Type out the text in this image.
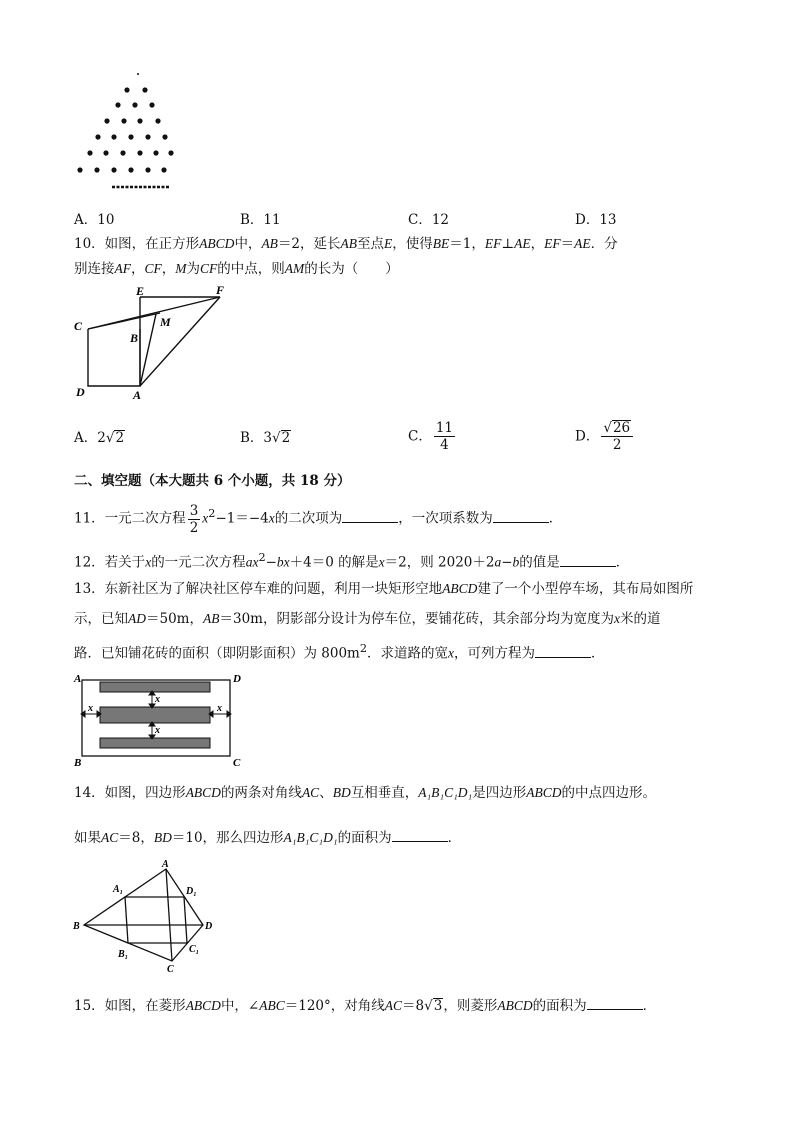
A．10	B．11	C．12	D．13
10．如图，在正方形ABCD中，AB＝2，延长AB至点E，使得BE＝1，EF⊥AE，EF＝AE．分
别连接AF，CF，M为CF的中点，则AM的长为（　　）
E	F
C	M
B
D	A
A．2√2	B．3√2	C． $\frac{11}{4}$	D． $\frac{√26}{2}$
二、填空题（本大题共 6 个小题，共 18 分）
11．一元二次方程 $\frac{3}{2} x^2-1=-4x$的二次项为	，一次项系数为	．
12．若关于x的一元二次方程$ax^2-bx+4=0$ 的解是x＝2，则 2020＋2a−b的值是	．
13．东新社区为了解决社区停车难的问题，利用一块矩形空地ABCD建了一个小型停车场，其布局如图所
示，已知AD＝50m，AB＝30m，阴影部分设计为停车位，要铺花砖，其余部分均为宽度为x米的道
路．已知铺花砖的面积（即阴影面积）为 $800m^2$．求道路的宽x，可列方程为	．
A	D
B	C
x
x
x	x
14．如图，四边形ABCD的两条对角线AC、BD互相垂直，A₁B₁C₁D₁是四边形ABCD的中点四边形。
如果AC＝8，BD＝10，那么四边形A₁B₁C₁D₁的面积为	．
A
A₁	D₁
B	D
B₁	C₁
C
15．如图，在菱形ABCD中，∠ABC＝120°，对角线AC＝8√3，则菱形ABCD的面积为	．
